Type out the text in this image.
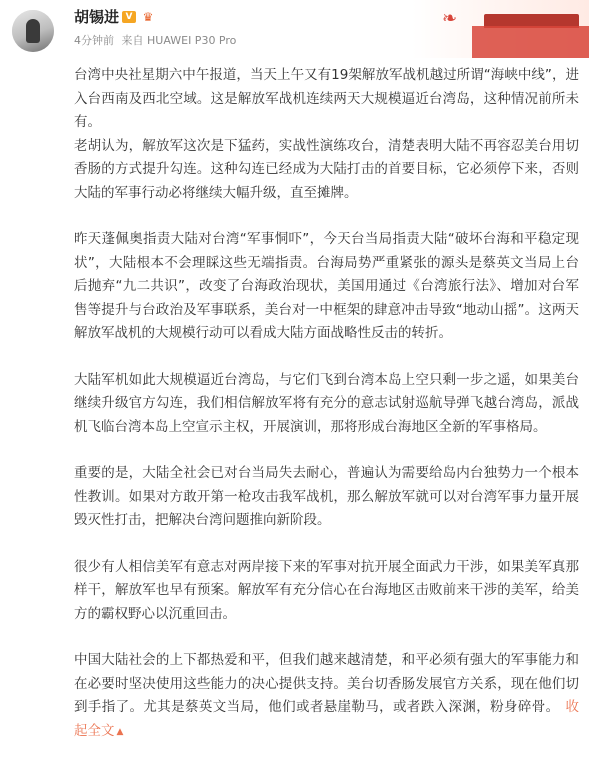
胡锡进 V ♛
4分钟前 来自 HUAWEI P30 Pro
❧

台湾中央社星期六中午报道，当天上午又有19架解放军战机越过所谓“海峡中线”，进入台西南及西北空域。这是解放军战机连续两天大规模逼近台湾岛，这种情况前所未有。

老胡认为，解放军这次是下猛药，实战性演练攻台，清楚表明大陆不再容忍美台用切香肠的方式提升勾连。这种勾连已经成为大陆打击的首要目标，它必须停下来，否则大陆的军事行动必将继续大幅升级，直至摊牌。

昨天蓬佩奥指责大陆对台湾“军事恫吓”，今天台当局指责大陆“破坏台海和平稳定现状”，大陆根本不会理睬这些无端指责。台海局势严重紧张的源头是蔡英文当局上台后抛弃“九二共识”，改变了台海政治现状，美国用通过《台湾旅行法》、增加对台军售等提升与台政治及军事联系，美台对一中框架的肆意冲击导致“地动山摇”。这两天解放军战机的大规模行动可以看成大陆方面战略性反击的转折。

大陆军机如此大规模逼近台湾岛，与它们飞到台湾本岛上空只剩一步之遥，如果美台继续升级官方勾连，我们相信解放军将有充分的意志试射巡航导弹飞越台湾岛，派战机飞临台湾本岛上空宣示主权，开展演训，那将形成台海地区全新的军事格局。

重要的是，大陆全社会已对台当局失去耐心，普遍认为需要给岛内台独势力一个根本性教训。如果对方敢开第一枪攻击我军战机，那么解放军就可以对台湾军事力量开展毁灭性打击，把解决台湾问题推向新阶段。

很少有人相信美军有意志对两岸接下来的军事对抗开展全面武力干涉，如果美军真那样干，解放军也早有预案。解放军有充分信心在台海地区击败前来干涉的美军，给美方的霸权野心以沉重回击。

中国大陆社会的上下都热爱和平，但我们越来越清楚，和平必须有强大的军事能力和在必要时坚决使用这些能力的决心提供支持。美台切香肠发展官方关系，现在他们切到手指了。尤其是蔡英文当局，他们或者悬崖勒马，或者跌入深渊，粉身碎骨。 收起全文 ▲
